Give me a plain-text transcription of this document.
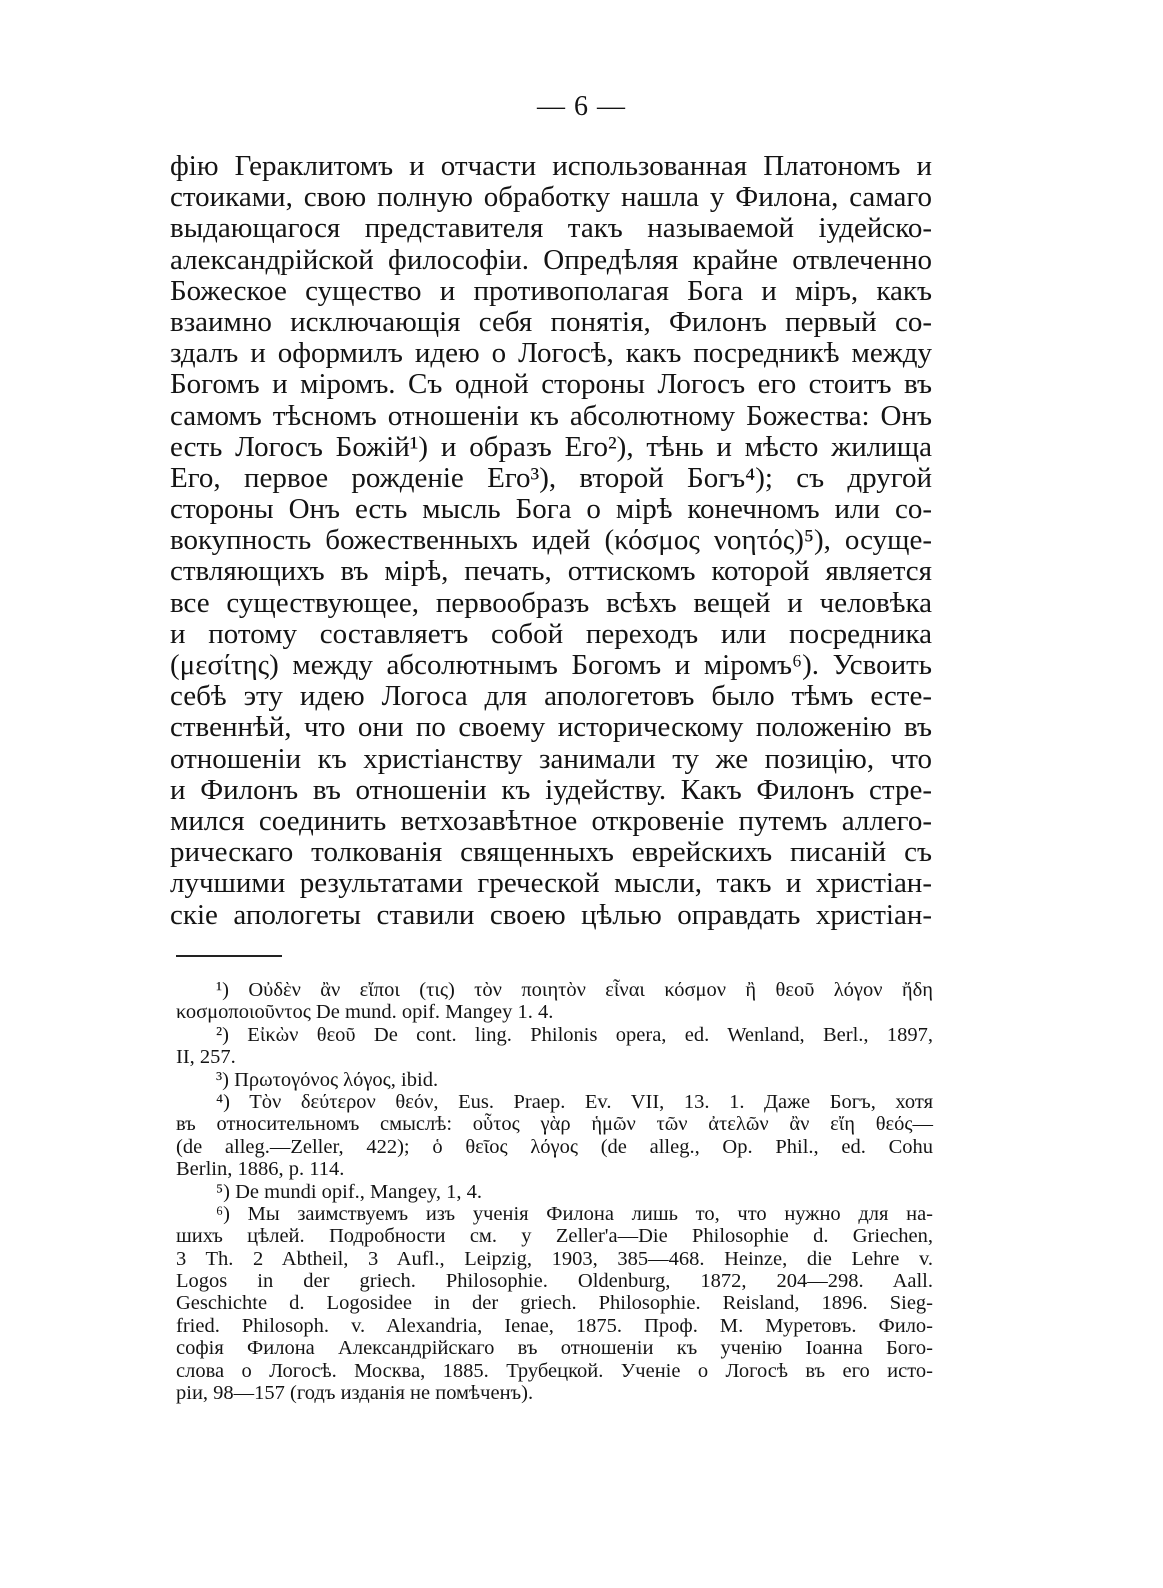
— 6 —
фію Гераклитомъ и отчасти использованная Платономъ и
стоиками, свою полную обработку нашла у Филона, самаго
выдающагося представителя такъ называемой іудейско-
александрійской философіи. Опредѣляя крайне отвлеченно
Божеское существо и противополагая Бога и міръ, какъ
взаимно исключающія себя понятія, Филонъ первый со-
здалъ и оформилъ идею о Логосѣ, какъ посредникѣ между
Богомъ и міромъ. Съ одной стороны Логосъ его стоитъ въ
самомъ тѣсномъ отношеніи къ абсолютному Божества: Онъ
есть Логосъ Божій¹) и образъ Его²), тѣнь и мѣсто жилища
Его, первое рожденіе Его³), второй Богъ⁴); съ другой
стороны Онъ есть мысль Бога о мірѣ конечномъ или со-
вокупность божественныхъ идей (κόσμος νοητός)⁵), осуще-
ствляющихъ въ мірѣ, печать, оттискомъ которой является
все существующее, первообразъ всѣхъ вещей и человѣка
и потому составляетъ собой переходъ или посредника
(μεσίτης) между абсолютнымъ Богомъ и міромъ⁶). Усвоить
себѣ эту идею Логоса для апологетовъ было тѣмъ есте-
ственнѣй, что они по своему историческому положенію въ
отношеніи къ христіанству занимали ту же позицію, что
и Филонъ въ отношеніи къ іудейству. Какъ Филонъ стре-
мился соединить ветхозавѣтное откровеніе путемъ аллего-
рическаго толкованія священныхъ еврейскихъ писаній съ
лучшими результатами греческой мысли, такъ и христіан-
скіе апологеты ставили своею цѣлью оправдать христіан-
¹) Οὐδὲν ἂν εἴποι (τις) τὸν ποιητὸν εἶναι κόσμον ἢ θεοῦ λόγον ἤδη
κοσμοποιοῦντος De mund. opif. Mangey 1. 4.
²) Εἰκὼν θεοῦ De cont. ling. Philonis opera, ed. Wenland, Berl., 1897,
II, 257.
³) Πρωτογόνος λόγος, ibid.
⁴) Τὸν δεύτερον θεόν, Eus. Praep. Ev. VII, 13. 1. Даже Богъ, хотя
въ относительномъ смыслѣ: οὗτος γὰρ ἡμῶν τῶν ἀτελῶν ἂν εἴη θεός—
(de alleg.—Zeller, 422); ὁ θεῖος λόγος (de alleg., Op. Phil., ed. Cohu
Berlin, 1886, p. 114.
⁵) De mundi opif., Mangey, 1, 4.
⁶) Мы заимствуемъ изъ ученія Филона лишь то, что нужно для на-
шихъ цѣлей. Подробности см. у Zeller'a—Die Philosophie d. Griechen,
3 Th. 2 Abtheil, 3 Aufl., Leipzig, 1903, 385—468. Heinze, die Lehre v.
Logos in der griech. Philosophie. Oldenburg, 1872, 204—298. Aall.
Geschichte d. Logosidee in der griech. Philosophie. Reisland, 1896. Sieg-
fried. Philosoph. v. Alexandria, Ienae, 1875. Проф. М. Муретовъ. Фило-
софія Филона Александрійскаго въ отношеніи къ ученію Іоанна Бого-
слова о Логосѣ. Москва, 1885. Трубецкой. Ученіе о Логосѣ въ его исто-
ріи, 98—157 (годъ изданія не помѣченъ).
